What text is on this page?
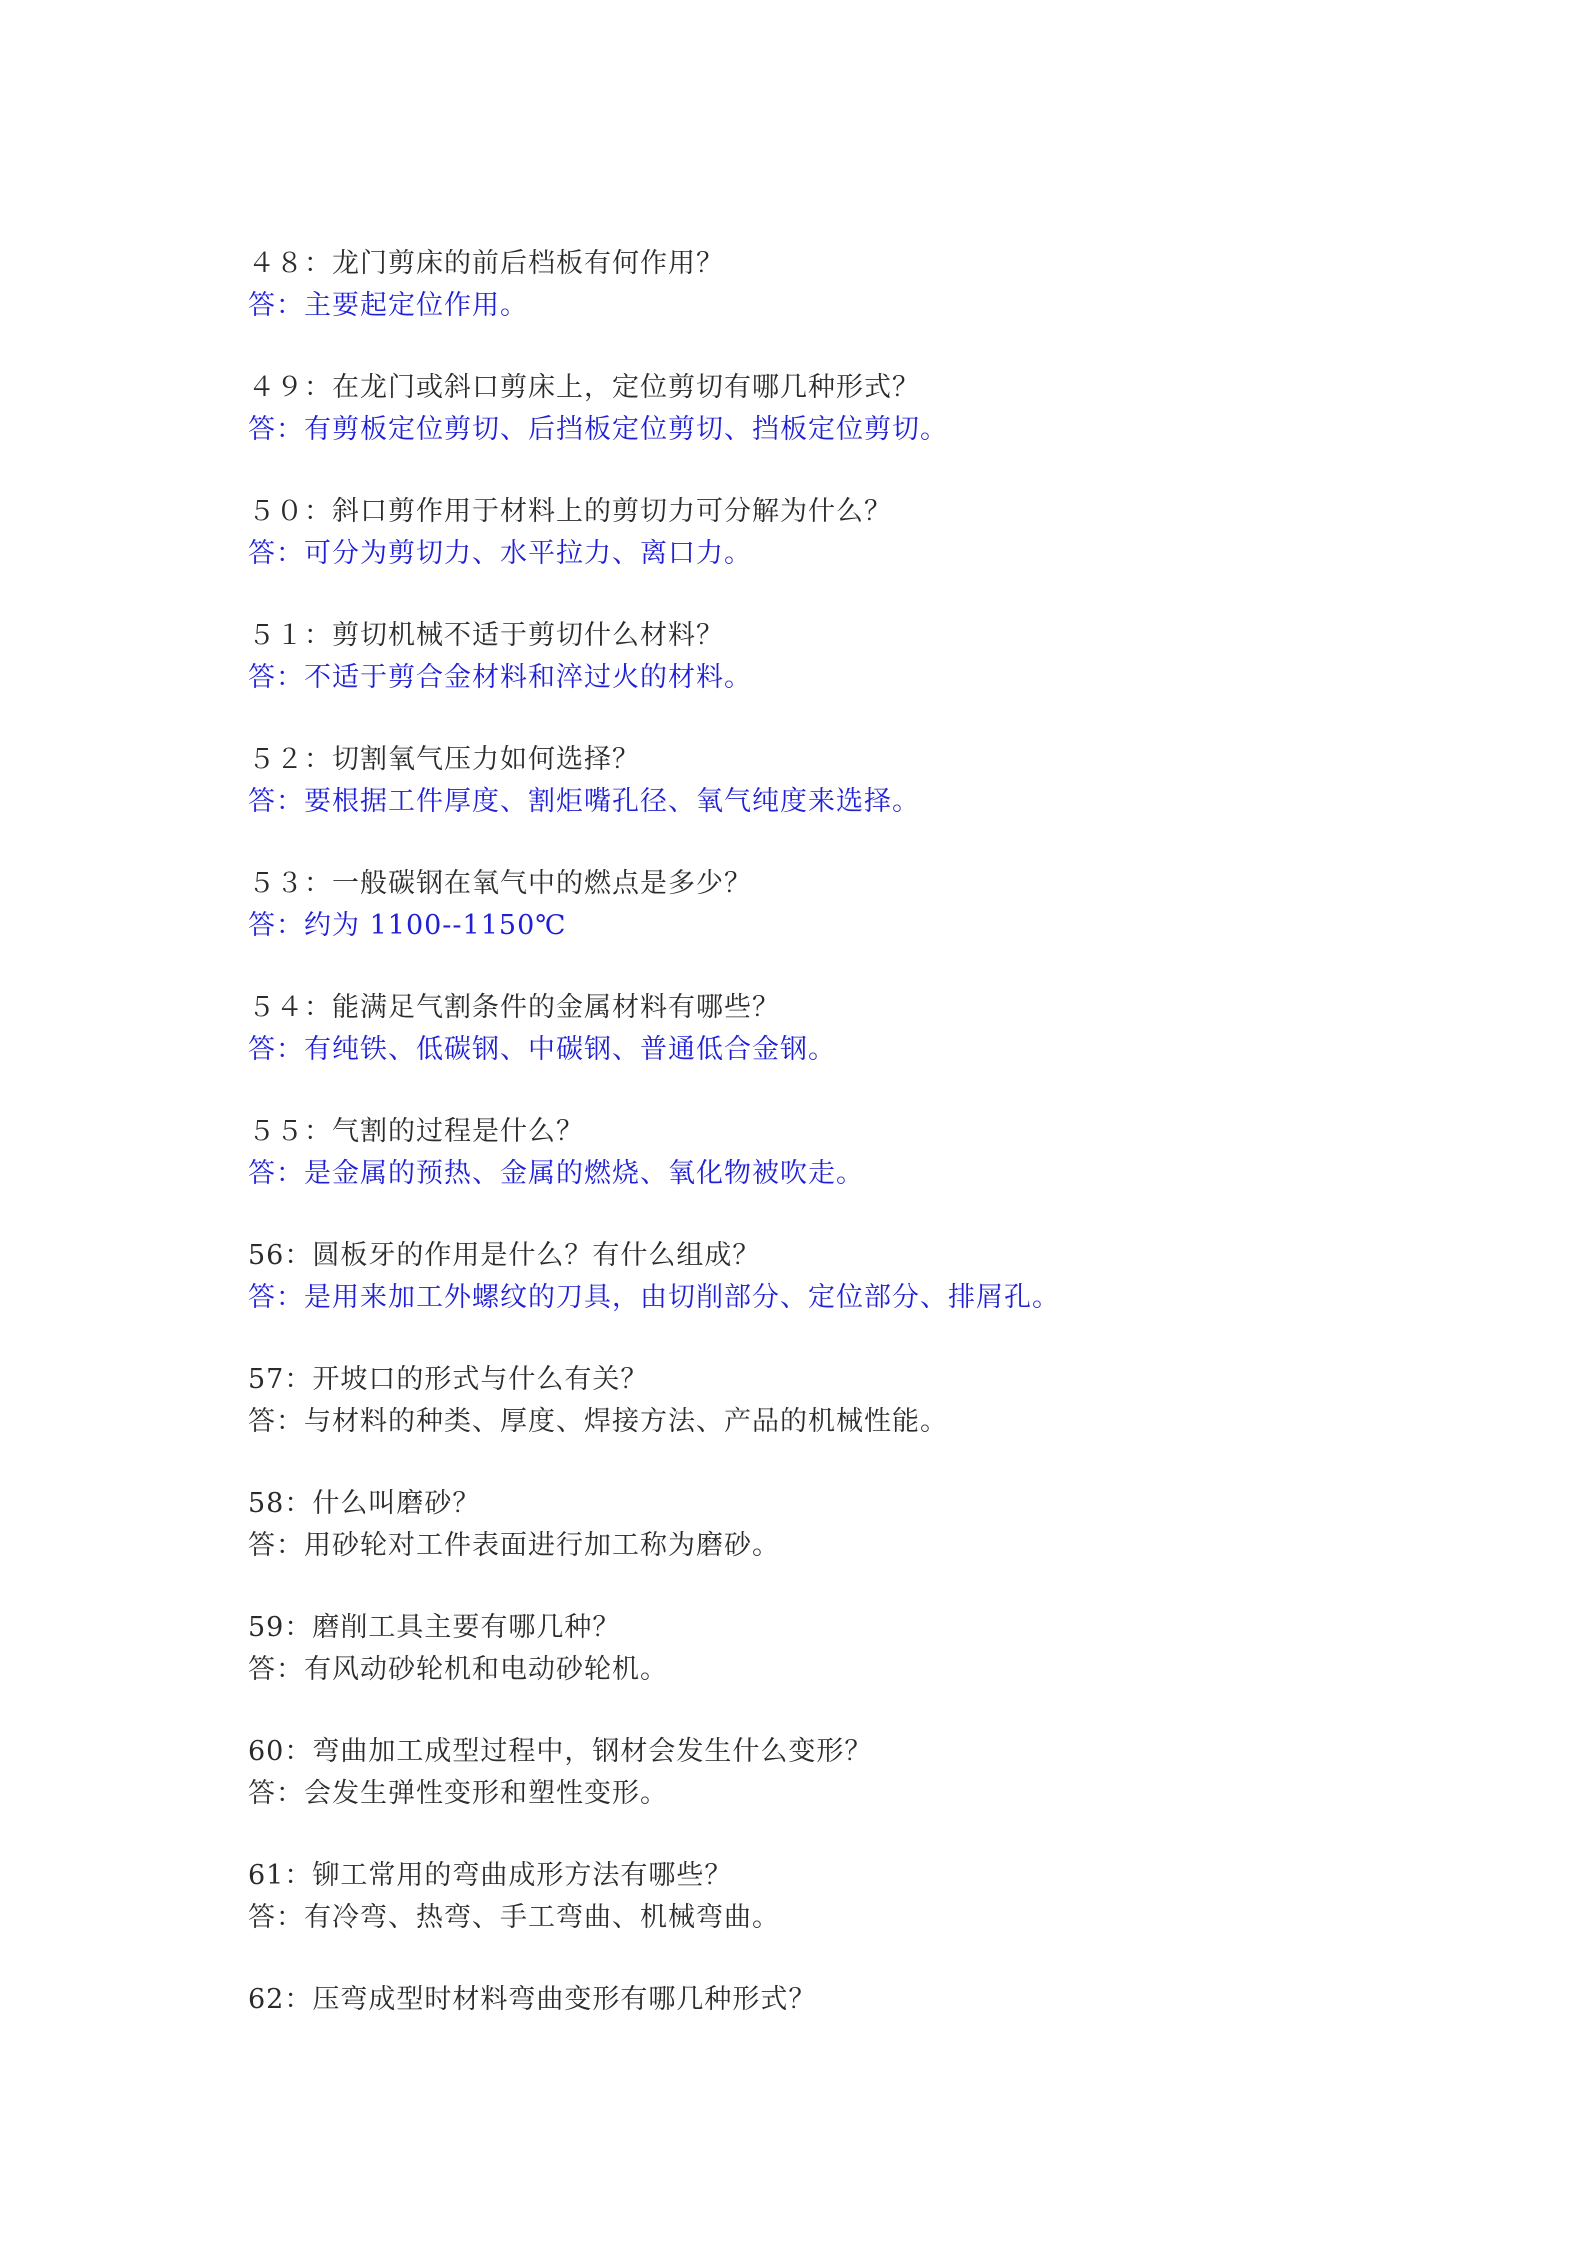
４８：龙门剪床的前后档板有何作用？
答：主要起定位作用。
４９：在龙门或斜口剪床上，定位剪切有哪几种形式？
答：有剪板定位剪切、后挡板定位剪切、挡板定位剪切。
５０：斜口剪作用于材料上的剪切力可分解为什么？
答：可分为剪切力、水平拉力、离口力。
５１：剪切机械不适于剪切什么材料？
答：不适于剪合金材料和淬过火的材料。
５２：切割氧气压力如何选择？
答：要根据工件厚度、割炬嘴孔径、氧气纯度来选择。
５３：一般碳钢在氧气中的燃点是多少？
答：约为 1100--1150℃
５４：能满足气割条件的金属材料有哪些？
答：有纯铁、低碳钢、中碳钢、普通低合金钢。
５５：气割的过程是什么？
答：是金属的预热、金属的燃烧、氧化物被吹走。
56：圆板牙的作用是什么？有什么组成？
答：是用来加工外螺纹的刀具，由切削部分、定位部分、排屑孔。
57：开坡口的形式与什么有关？
答：与材料的种类、厚度、焊接方法、产品的机械性能。
58：什么叫磨砂？
答：用砂轮对工件表面进行加工称为磨砂。
59：磨削工具主要有哪几种？
答：有风动砂轮机和电动砂轮机。
60：弯曲加工成型过程中，钢材会发生什么变形？
答：会发生弹性变形和塑性变形。
61：铆工常用的弯曲成形方法有哪些？
答：有冷弯、热弯、手工弯曲、机械弯曲。
62：压弯成型时材料弯曲变形有哪几种形式？
